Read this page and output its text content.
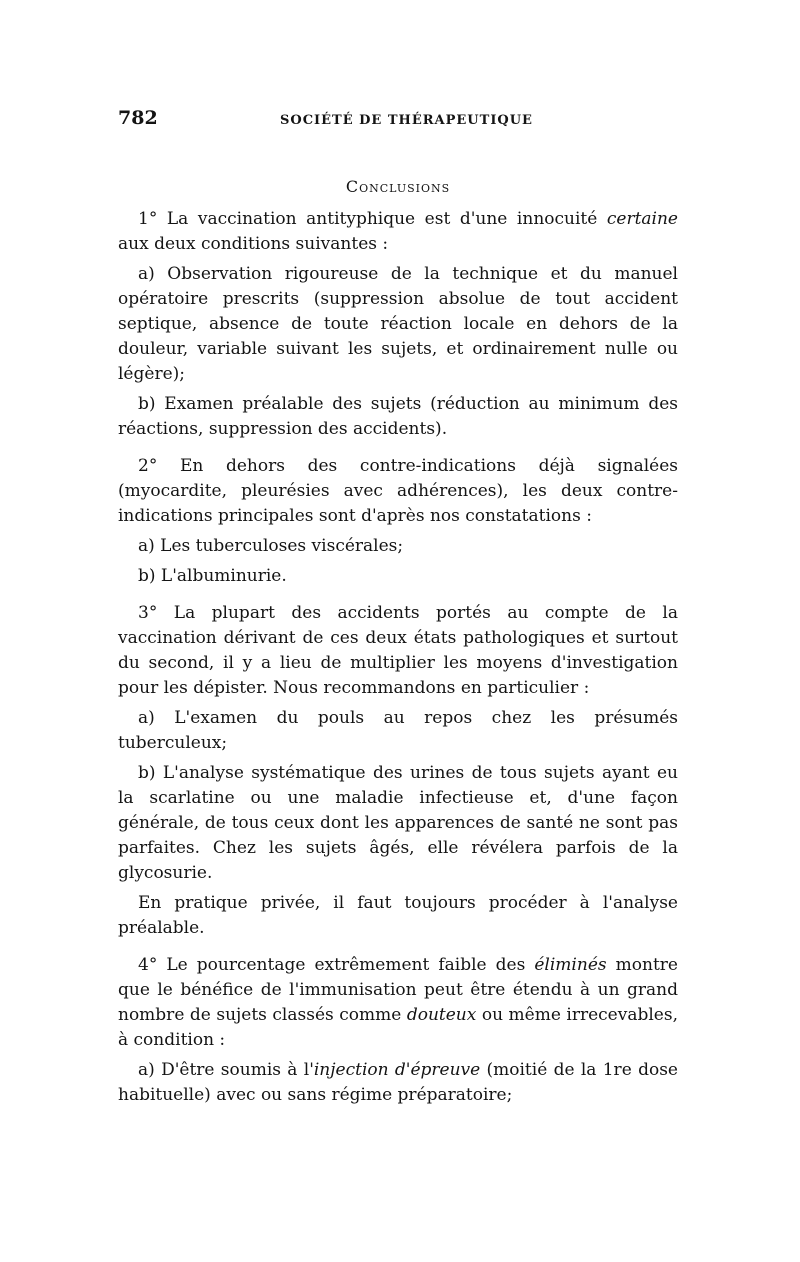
782	SOCIÉTÉ DE THÉRAPEUTIQUE
Conclusions

1° La vaccination antityphique est d'une innocuité certaine aux deux conditions suivantes :

a) Observation rigoureuse de la technique et du manuel opératoire prescrits (suppression absolue de tout accident septique, absence de toute réaction locale en dehors de la douleur, variable suivant les sujets, et ordinairement nulle ou légère);

b) Examen préalable des sujets (réduction au minimum des réactions, suppression des accidents).

2° En dehors des contre-indications déjà signalées (myocardite, pleurésies avec adhérences), les deux contre-indications principales sont d'après nos constatations :

a) Les tuberculoses viscérales;

b) L'albuminurie.

3° La plupart des accidents portés au compte de la vaccination dérivant de ces deux états pathologiques et surtout du second, il y a lieu de multiplier les moyens d'investigation pour les dépister. Nous recommandons en particulier :

a) L'examen du pouls au repos chez les présumés tuberculeux;

b) L'analyse systématique des urines de tous sujets ayant eu la scarlatine ou une maladie infectieuse et, d'une façon générale, de tous ceux dont les apparences de santé ne sont pas parfaites. Chez les sujets âgés, elle révélera parfois de la glycosurie.

En pratique privée, il faut toujours procéder à l'analyse préalable.

4° Le pourcentage extrêmement faible des éliminés montre que le bénéfice de l'immunisation peut être étendu à un grand nombre de sujets classés comme douteux ou même irrecevables, à condition :

a) D'être soumis à l'injection d'épreuve (moitié de la 1re dose habituelle) avec ou sans régime préparatoire;
